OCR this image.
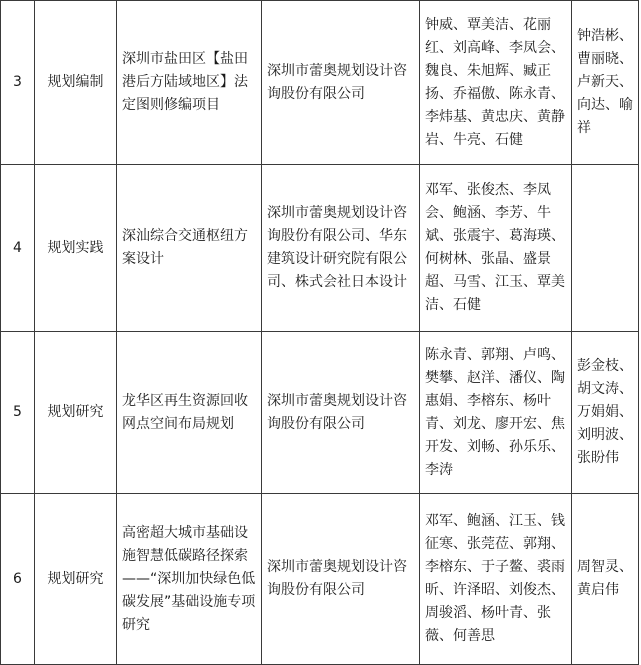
3	规划编制	深圳市盐田区【盐田港后方陆域地区】法定图则修编项目	深圳市蕾奥规划设计咨询股份有限公司	钟威、覃美洁、花丽红、刘高峰、李凤会、魏良、朱旭辉、臧正扬、乔福傲、陈永青、李炜基、黄忠庆、黄静岩、牛亮、石健	钟浩彬、曹丽晓、卢新天、向达、喻祥
4	规划实践	深汕综合交通枢纽方案设计	深圳市蕾奥规划设计咨询股份有限公司、华东建筑设计研究院有限公司、株式会社日本设计	邓军、张俊杰、李凤会、鲍涵、李芳、牛斌、张震宇、葛海瑛、何树林、张晶、盛景超、马雪、江玉、覃美洁、石健	
5	规划研究	龙华区再生资源回收网点空间布局规划	深圳市蕾奥规划设计咨询股份有限公司	陈永青、郭翔、卢鸣、樊攀、赵洋、潘仪、陶惠娟、李榕东、杨叶青、刘龙、廖开宏、焦开发、刘畅、孙乐乐、李涛	彭金枝、胡文涛、万娟娟、刘明波、张盼伟
6	规划研究	高密超大城市基础设施智慧低碳路径探索——“深圳加快绿色低碳发展”基础设施专项研究	深圳市蕾奥规划设计咨询股份有限公司	邓军、鲍涵、江玉、钱征寒、张莞莅、郭翔、李榕东、于子鳌、裘雨昕、许泽昭、刘俊杰、周骏滔、杨叶青、张薇、何善思	周智灵、黄启伟
